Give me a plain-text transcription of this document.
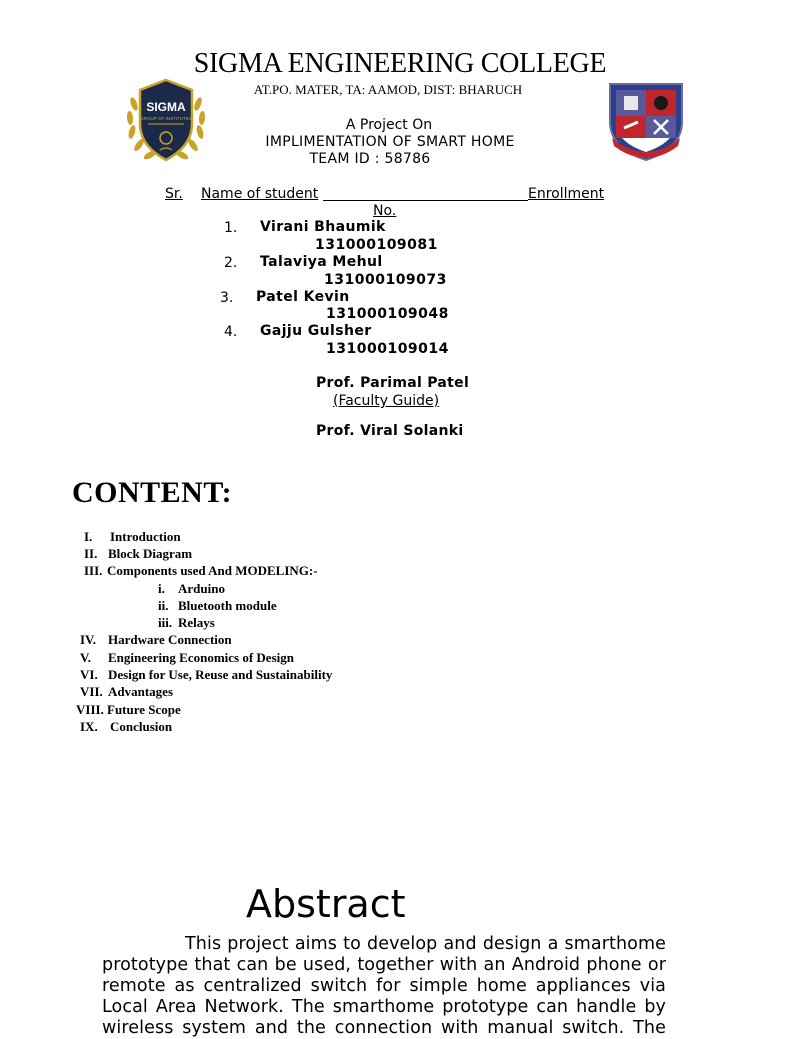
SIGMA
GROUP OF INSTITUTES
SIGMA ENGINEERING COLLEGE
AT.PO. MATER, TA: AAMOD, DIST: BHARUCH
A Project On
IMPLIMENTATION OF SMART HOME
TEAM ID : 58786
Sr. Name of student	Enrollment
No.
1. Virani Bhaumik
131000109081
2. Talaviya Mehul
131000109073
3. Patel Kevin
131000109048
4. Gajju Gulsher
131000109014
Prof. Parimal Patel
(Faculty Guide)
Prof. Viral Solanki
CONTENT:
I. Introduction
II. Block Diagram
III. Components used And MODELING:-
i. Arduino
ii. Bluetooth module
iii. Relays
IV. Hardware Connection
V. Engineering Economics of Design
VI. Design for Use, Reuse and Sustainability
VII. Advantages
VIII. Future Scope
IX. Conclusion
Abstract
This project aims to develop and design a smarthome
prototype that can be used, together with an Android phone or
remote as centralized switch for simple home appliances via
Local Area Network. The smarthome prototype can handle by
wireless system and the connection with manual switch. The
